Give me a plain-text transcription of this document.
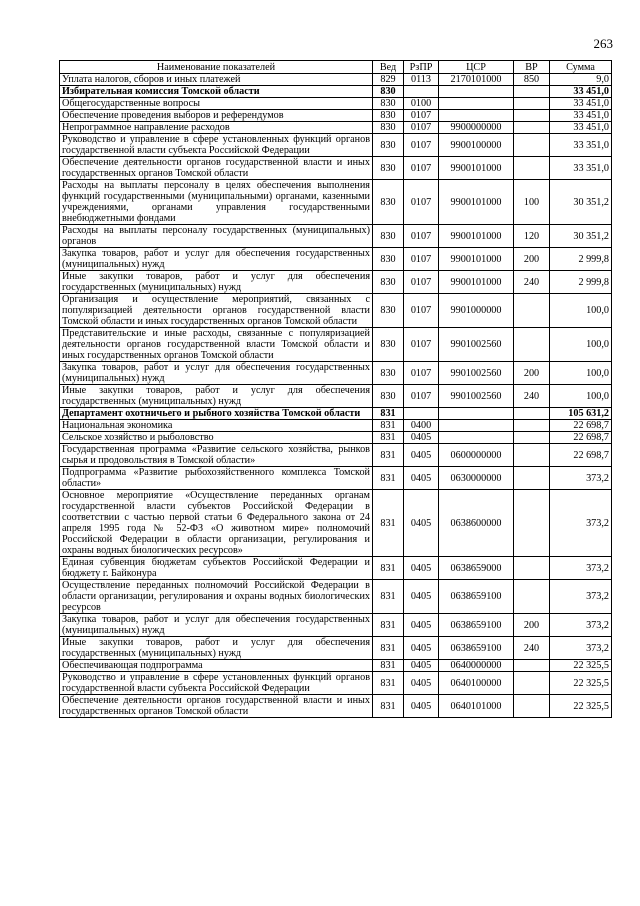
263
Наименование показателей	Вед	РзПР	ЦСР	ВР	Сумма
Уплата налогов, сборов и иных платежей	829	0113	2170101000	850	9,0
Избирательная комиссия Томской области	830				33 451,0
Общегосударственные вопросы	830	0100			33 451,0
Обеспечение проведения выборов и референдумов	830	0107			33 451,0
Непрограммное направление расходов	830	0107	9900000000		33 451,0
Руководство и управление в сфере установленных функций органов государственной власти субъекта Российской Федерации	830	0107	9900100000		33 351,0
Обеспечение деятельности органов государственной власти и иных государственных органов Томской области	830	0107	9900101000		33 351,0
Расходы на выплаты персоналу в целях обеспечения выполнения функций государственными (муниципальными) органами, казенными учреждениями, органами управления государственными внебюджетными фондами	830	0107	9900101000	100	30 351,2
Расходы на выплаты персоналу государственных (муниципальных) органов	830	0107	9900101000	120	30 351,2
Закупка товаров, работ и услуг для обеспечения государственных (муниципальных) нужд	830	0107	9900101000	200	2 999,8
Иные закупки товаров, работ и услуг для обеспечения государственных (муниципальных) нужд	830	0107	9900101000	240	2 999,8
Организация и осуществление мероприятий, связанных с популяризацией деятельности органов государственной власти Томской области и иных государственных органов Томской области	830	0107	9901000000		100,0
Представительские и иные расходы, связанные с популяризацией деятельности органов государственной власти Томской области и иных государственных органов Томской области	830	0107	9901002560		100,0
Закупка товаров, работ и услуг для обеспечения государственных (муниципальных) нужд	830	0107	9901002560	200	100,0
Иные закупки товаров, работ и услуг для обеспечения государственных (муниципальных) нужд	830	0107	9901002560	240	100,0
Департамент охотничьего и рыбного хозяйства Томской области	831				105 631,2
Национальная экономика	831	0400			22 698,7
Сельское хозяйство и рыболовство	831	0405			22 698,7
Государственная программа «Развитие сельского хозяйства, рынков сырья и продовольствия в Томской области»	831	0405	0600000000		22 698,7
Подпрограмма «Развитие рыбохозяйственного комплекса Томской области»	831	0405	0630000000		373,2
Основное мероприятие «Осуществление переданных органам государственной власти субъектов Российской Федерации в соответствии с частью первой статьи 6 Федерального закона от 24 апреля 1995 года № 52-ФЗ «О животном мире» полномочий Российской Федерации в области организации, регулирования и охраны водных биологических ресурсов»	831	0405	0638600000		373,2
Единая субвенция бюджетам субъектов Российской Федерации и бюджету г. Байконура	831	0405	0638659000		373,2
Осуществление переданных полномочий Российской Федерации в области организации, регулирования и охраны водных биологических ресурсов	831	0405	0638659100		373,2
Закупка товаров, работ и услуг для обеспечения государственных (муниципальных) нужд	831	0405	0638659100	200	373,2
Иные закупки товаров, работ и услуг для обеспечения государственных (муниципальных) нужд	831	0405	0638659100	240	373,2
Обеспечивающая подпрограмма	831	0405	0640000000		22 325,5
Руководство и управление в сфере установленных функций органов государственной власти субъекта Российской Федерации	831	0405	0640100000		22 325,5
Обеспечение деятельности органов государственной власти и иных государственных органов Томской области	831	0405	0640101000		22 325,5
